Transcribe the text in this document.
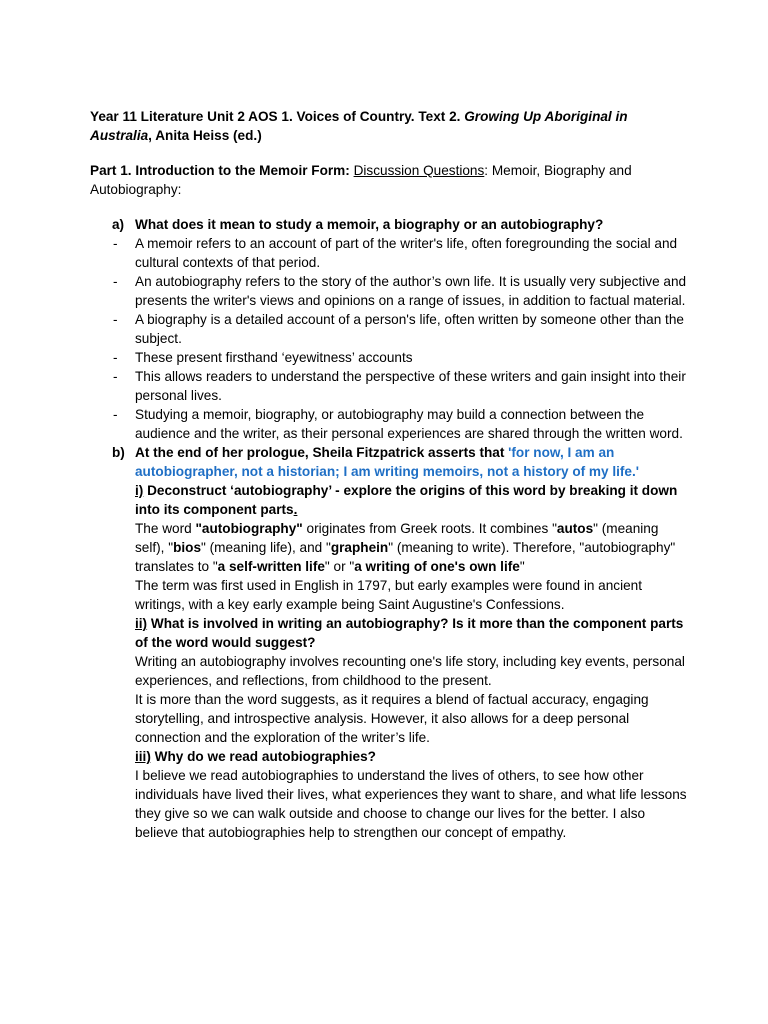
Year 11 Literature Unit 2 AOS 1. Voices of Country. Text 2. Growing Up Aboriginal in Australia, Anita Heiss (ed.)

Part 1. Introduction to the Memoir Form: Discussion Questions: Memoir, Biography and Autobiography:

a) What does it mean to study a memoir, a biography or an autobiography?
- A memoir refers to an account of part of the writer's life, often foregrounding the social and cultural contexts of that period.
- An autobiography refers to the story of the author’s own life. It is usually very subjective and presents the writer's views and opinions on a range of issues, in addition to factual material.
- A biography is a detailed account of a person's life, often written by someone other than the subject.
- These present firsthand ‘eyewitness’ accounts
- This allows readers to understand the perspective of these writers and gain insight into their personal lives.
- Studying a memoir, biography, or autobiography may build a connection between the audience and the writer, as their personal experiences are shared through the written word.
b) At the end of her prologue, Sheila Fitzpatrick asserts that 'for now, I am an autobiographer, not a historian; I am writing memoirs, not a history of my life.'

i) Deconstruct ‘autobiography’ - explore the origins of this word by breaking it down into its component parts.

The word "autobiography" originates from Greek roots. It combines "autos" (meaning self), "bios" (meaning life), and "graphein" (meaning to write). Therefore, "autobiography" translates to "a self-written life" or "a writing of one's own life"

The term was first used in English in 1797, but early examples were found in ancient writings, with a key early example being Saint Augustine's Confessions.

ii) What is involved in writing an autobiography? Is it more than the component parts of the word would suggest?

Writing an autobiography involves recounting one's life story, including key events, personal experiences, and reflections, from childhood to the present.

It is more than the word suggests, as it requires a blend of factual accuracy, engaging storytelling, and introspective analysis. However, it also allows for a deep personal connection and the exploration of the writer’s life.

iii) Why do we read autobiographies?

I believe we read autobiographies to understand the lives of others, to see how other individuals have lived their lives, what experiences they want to share, and what life lessons they give so we can walk outside and choose to change our lives for the better. I also believe that autobiographies help to strengthen our concept of empathy.
